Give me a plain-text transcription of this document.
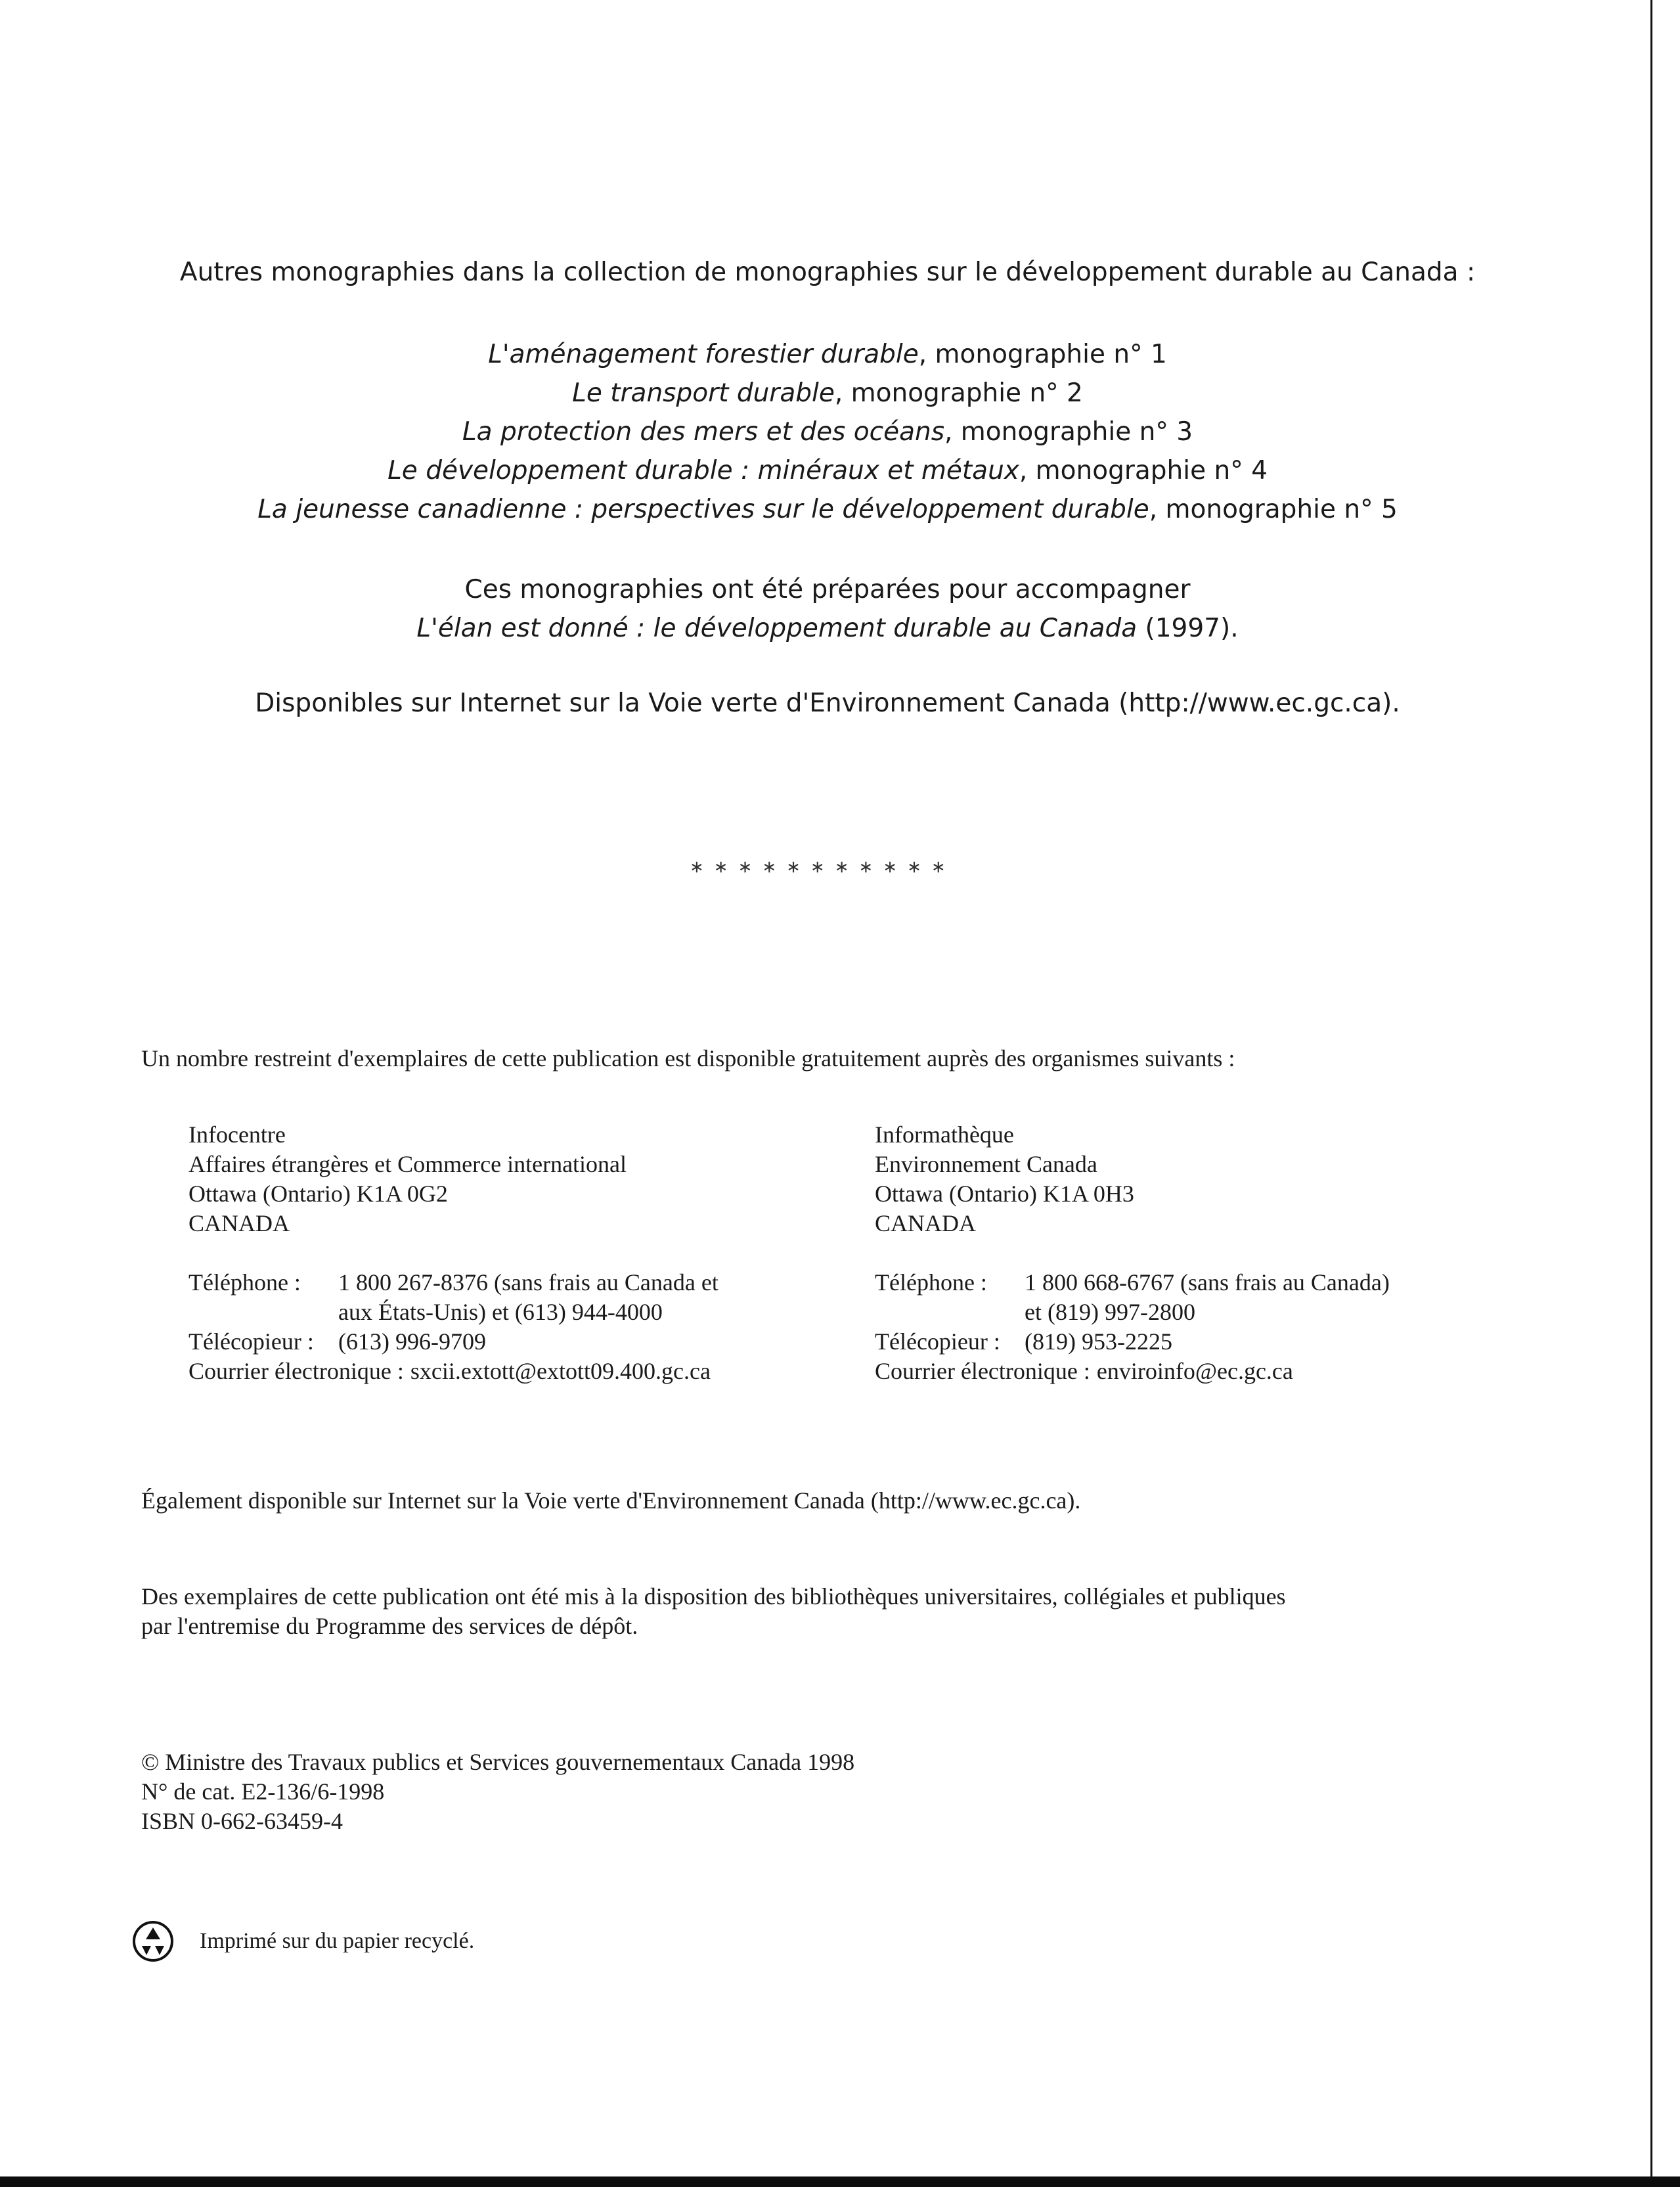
Autres monographies dans la collection de monographies sur le développement durable au Canada :
L'aménagement forestier durable, monographie n° 1
Le transport durable, monographie n° 2
La protection des mers et des océans, monographie n° 3
Le développement durable : minéraux et métaux, monographie n° 4
La jeunesse canadienne : perspectives sur le développement durable, monographie n° 5
Ces monographies ont été préparées pour accompagner
L'élan est donné : le développement durable au Canada (1997).
Disponibles sur Internet sur la Voie verte d'Environnement Canada (http://www.ec.gc.ca).
∗∗∗∗∗∗∗∗∗∗∗
Un nombre restreint d'exemplaires de cette publication est disponible gratuitement auprès des organismes suivants :
Infocentre
Affaires étrangères et Commerce international
Ottawa (Ontario) K1A 0G2
CANADA
Informathèque
Environnement Canada
Ottawa (Ontario) K1A 0H3
CANADA
Téléphone :	1 800 267-8376 (sans frais au Canada et
aux États-Unis) et (613) 944-4000
Télécopieur :	(613) 996-9709
Courrier électronique : sxcii.extott@extott09.400.gc.ca
Téléphone :	1 800 668-6767 (sans frais au Canada)
et (819) 997-2800
Télécopieur :	(819) 953-2225
Courrier électronique : enviroinfo@ec.gc.ca
Également disponible sur Internet sur la Voie verte d'Environnement Canada (http://www.ec.gc.ca).
Des exemplaires de cette publication ont été mis à la disposition des bibliothèques universitaires, collégiales et publiques
par l'entremise du Programme des services de dépôt.
© Ministre des Travaux publics et Services gouvernementaux Canada 1998
N° de cat. E2-136/6-1998
ISBN 0-662-63459-4
Imprimé sur du papier recyclé.
